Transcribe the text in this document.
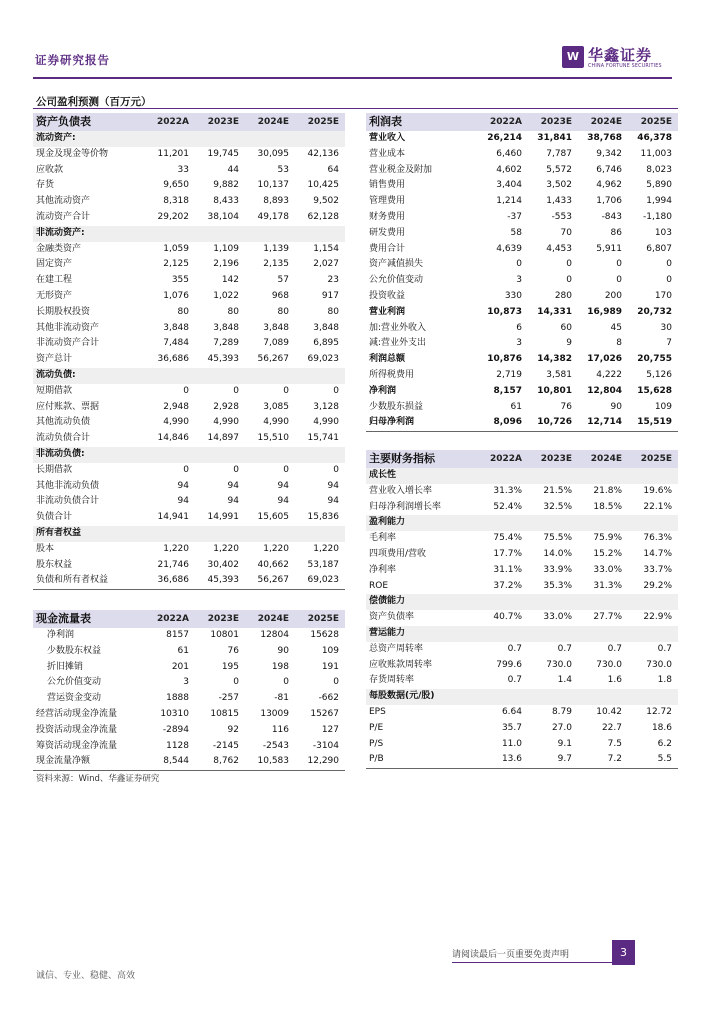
证券研究报告	W 华鑫证券
CHINA FORTUNE SECURITIES
公司盈利预测（百万元）
资产负债表	2022A	2023E	2024E	2025E
流动资产:				
现金及现金等价物	11,201	19,745	30,095	42,136
应收款	33	44	53	64
存货	9,650	9,882	10,137	10,425
其他流动资产	8,318	8,433	8,893	9,502
流动资产合计	29,202	38,104	49,178	62,128
非流动资产:				
金融类资产	1,059	1,109	1,139	1,154
固定资产	2,125	2,196	2,135	2,027
在建工程	355	142	57	23
无形资产	1,076	1,022	968	917
长期股权投资	80	80	80	80
其他非流动资产	3,848	3,848	3,848	3,848
非流动资产合计	7,484	7,289	7,089	6,895
资产总计	36,686	45,393	56,267	69,023
流动负债:				
短期借款	0	0	0	0
应付账款、票据	2,948	2,928	3,085	3,128
其他流动负债	4,990	4,990	4,990	4,990
流动负债合计	14,846	14,897	15,510	15,741
非流动负债:				
长期借款	0	0	0	0
其他非流动负债	94	94	94	94
非流动负债合计	94	94	94	94
负债合计	14,941	14,991	15,605	15,836
所有者权益				
股本	1,220	1,220	1,220	1,220
股东权益	21,746	30,402	40,662	53,187
负债和所有者权益	36,686	45,393	56,267	69,023
利润表	2022A	2023E	2024E	2025E
营业收入	26,214	31,841	38,768	46,378
营业成本	6,460	7,787	9,342	11,003
营业税金及附加	4,602	5,572	6,746	8,023
销售费用	3,404	3,502	4,962	5,890
管理费用	1,214	1,433	1,706	1,994
财务费用	-37	-553	-843	-1,180
研发费用	58	70	86	103
费用合计	4,639	4,453	5,911	6,807
资产减值损失	0	0	0	0
公允价值变动	3	0	0	0
投资收益	330	280	200	170
营业利润	10,873	14,331	16,989	20,732
加:营业外收入	6	60	45	30
减:营业外支出	3	9	8	7
利润总额	10,876	14,382	17,026	20,755
所得税费用	2,719	3,581	4,222	5,126
净利润	8,157	10,801	12,804	15,628
少数股东损益	61	76	90	109
归母净利润	8,096	10,726	12,714	15,519
主要财务指标	2022A	2023E	2024E	2025E
成长性				
营业收入增长率	31.3%	21.5%	21.8%	19.6%
归母净利润增长率	52.4%	32.5%	18.5%	22.1%
盈利能力				
毛利率	75.4%	75.5%	75.9%	76.3%
四项费用/营收	17.7%	14.0%	15.2%	14.7%
净利率	31.1%	33.9%	33.0%	33.7%
ROE	37.2%	35.3%	31.3%	29.2%
偿债能力				
资产负债率	40.7%	33.0%	27.7%	22.9%
营运能力				
总资产周转率	0.7	0.7	0.7	0.7
应收账款周转率	799.6	730.0	730.0	730.0
存货周转率	0.7	1.4	1.6	1.8
每股数据(元/股)				
EPS	6.64	8.79	10.42	12.72
P/E	35.7	27.0	22.7	18.6
P/S	11.0	9.1	7.5	6.2
P/B	13.6	9.7	7.2	5.5
现金流量表	2022A	2023E	2024E	2025E
净利润	8157	10801	12804	15628
少数股东权益	61	76	90	109
折旧摊销	201	195	198	191
公允价值变动	3	0	0	0
营运资金变动	1888	-257	-81	-662
经营活动现金净流量	10310	10815	13009	15267
投资活动现金净流量	-2894	92	116	127
筹资活动现金净流量	1128	-2145	-2543	-3104
现金流量净额	8,544	8,762	10,583	12,290
资料来源：Wind、华鑫证券研究
请阅读最后一页重要免责声明	3
诚信、专业、稳健、高效
